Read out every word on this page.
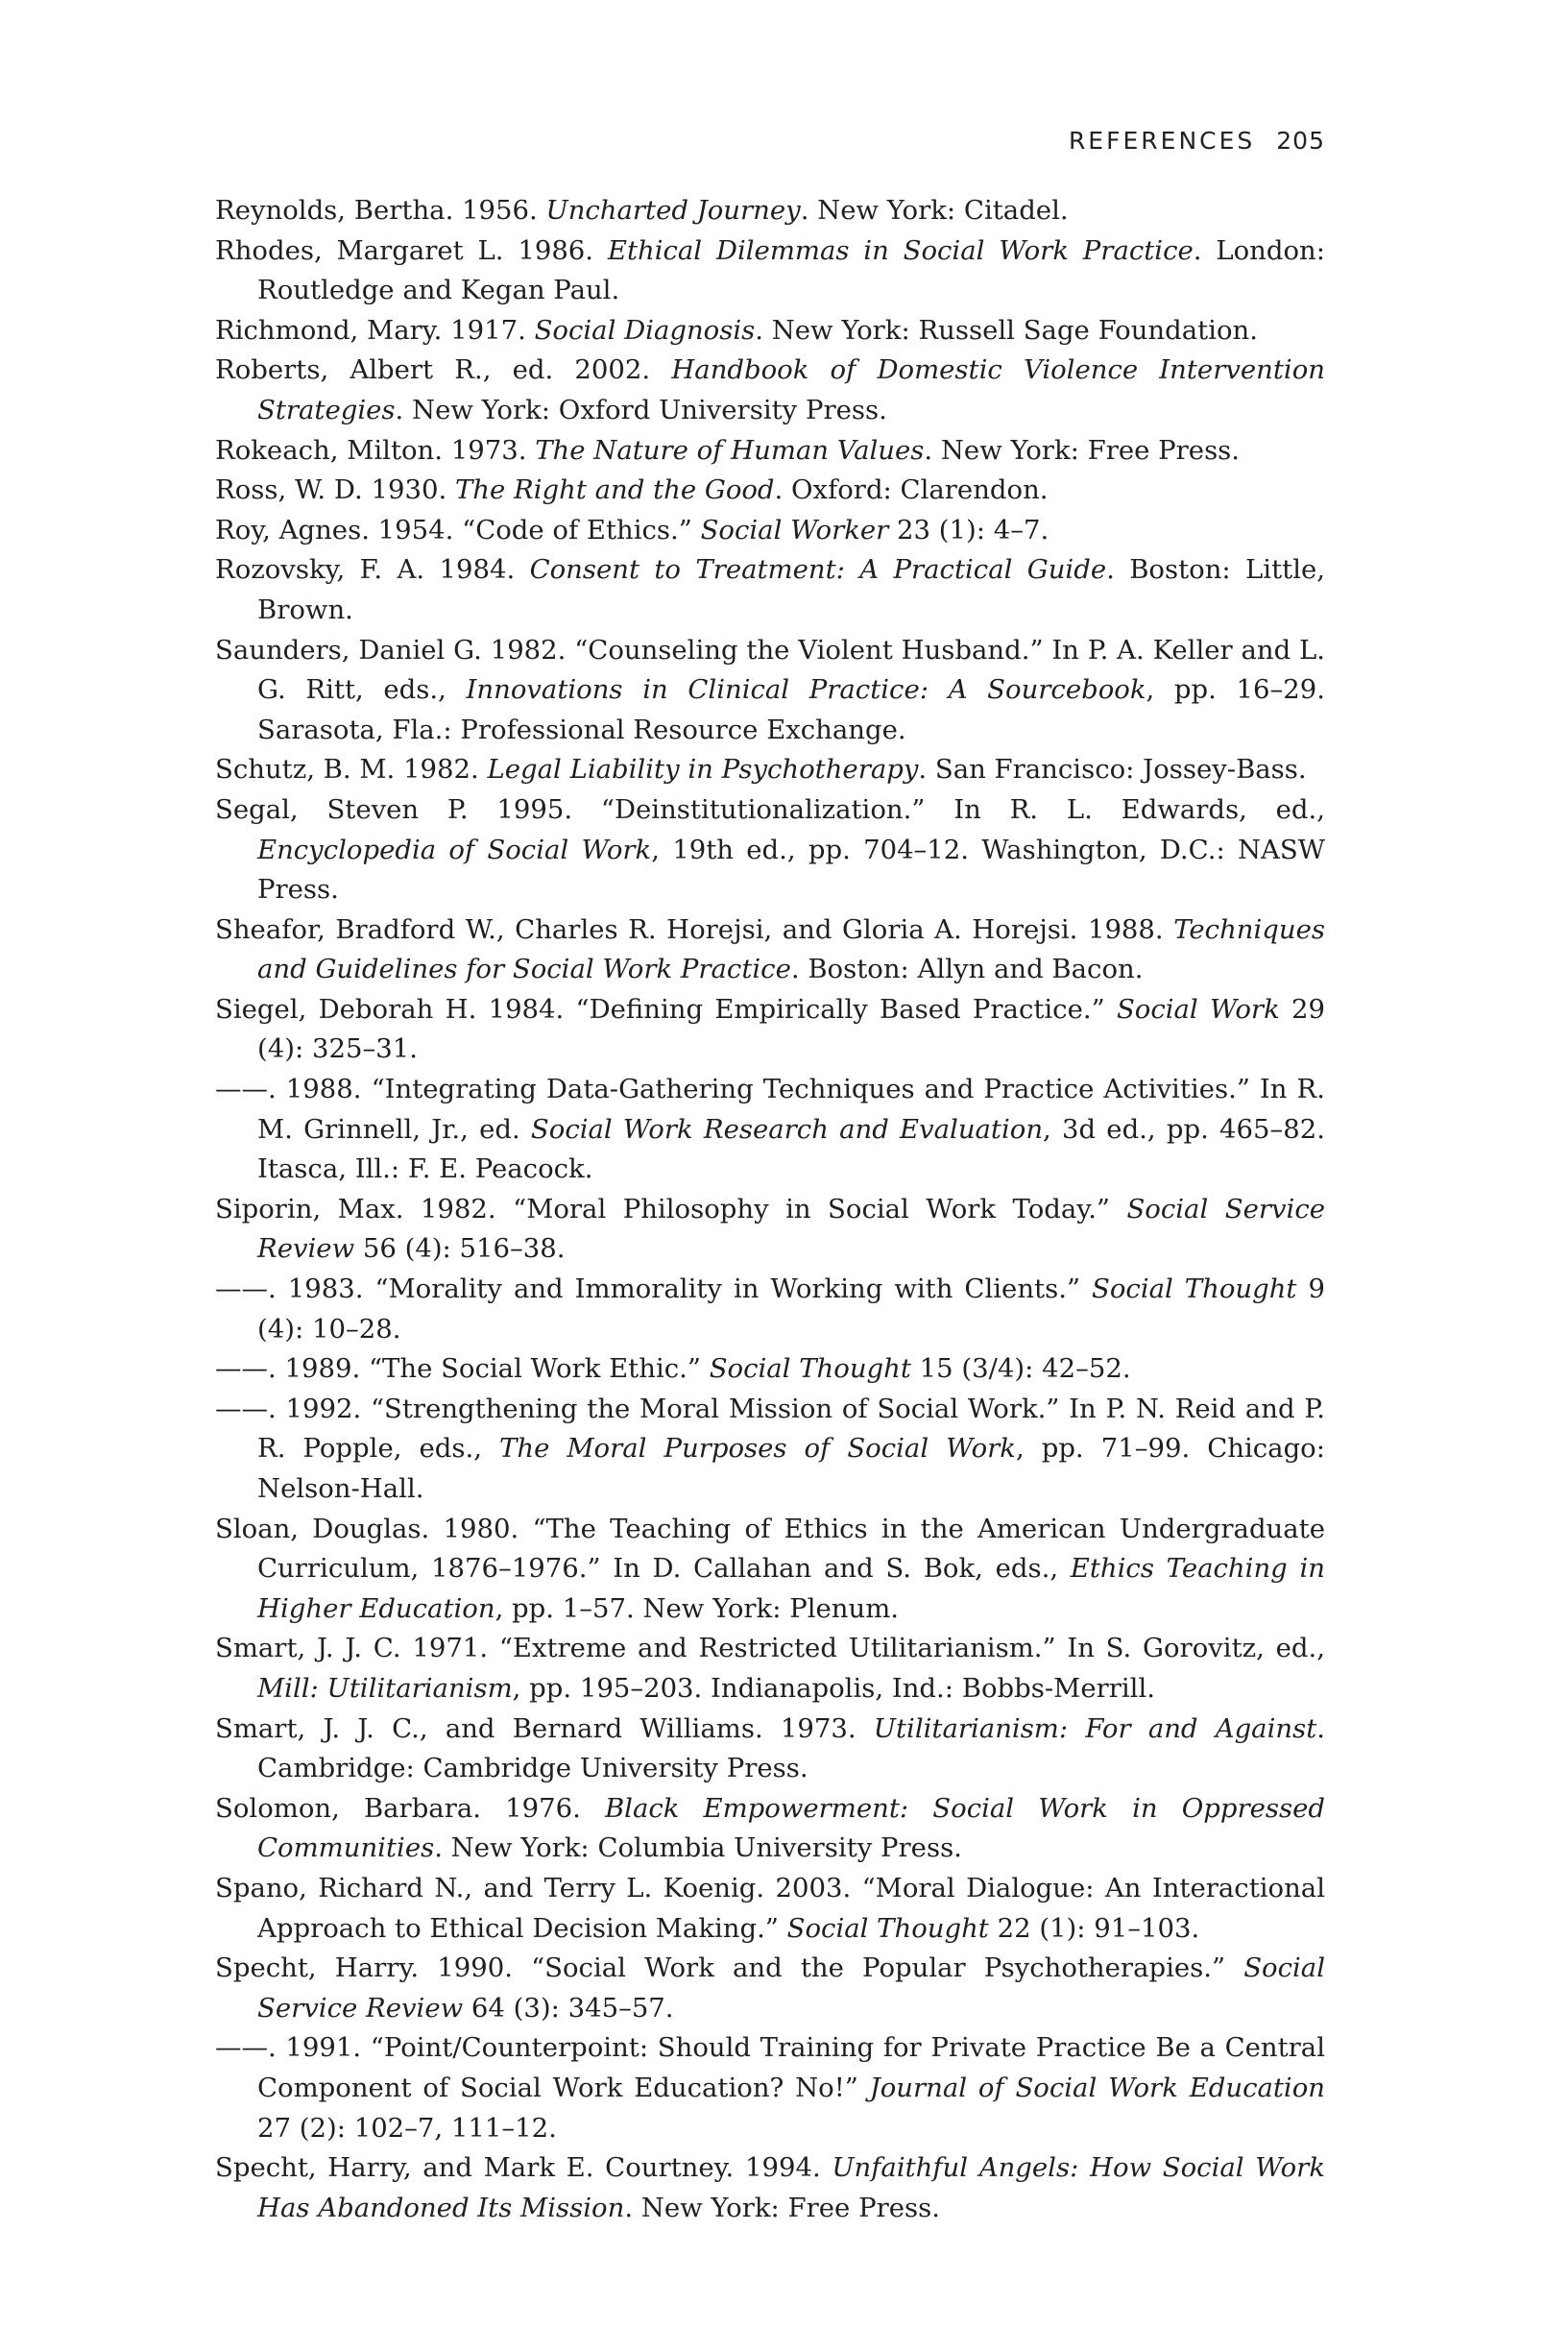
REFERENCES 205
Reynolds, Bertha. 1956. Uncharted Journey. New York: Citadel.
Rhodes, Margaret L. 1986. Ethical Dilemmas in Social Work Practice. London: Routledge and Kegan Paul.
Richmond, Mary. 1917. Social Diagnosis. New York: Russell Sage Foundation.
Roberts, Albert R., ed. 2002. Handbook of Domestic Violence Intervention Strategies. New York: Oxford University Press.
Rokeach, Milton. 1973. The Nature of Human Values. New York: Free Press.
Ross, W. D. 1930. The Right and the Good. Oxford: Clarendon.
Roy, Agnes. 1954. “Code of Ethics.” Social Worker 23 (1): 4–7.
Rozovsky, F. A. 1984. Consent to Treatment: A Practical Guide. Boston: Little, Brown.
Saunders, Daniel G. 1982. “Counseling the Violent Husband.” In P. A. Keller and L. G. Ritt, eds., Innovations in Clinical Practice: A Sourcebook, pp. 16–29. Sarasota, Fla.: Professional Resource Exchange.
Schutz, B. M. 1982. Legal Liability in Psychotherapy. San Francisco: Jossey-Bass.
Segal, Steven P. 1995. “Deinstitutionalization.” In R. L. Edwards, ed., Encyclopedia of Social Work, 19th ed., pp. 704–12. Washington, D.C.: NASW Press.
Sheafor, Bradford W., Charles R. Horejsi, and Gloria A. Horejsi. 1988. Techniques and Guidelines for Social Work Practice. Boston: Allyn and Bacon.
Siegel, Deborah H. 1984. “Defining Empirically Based Practice.” Social Work 29 (4): 325–31.
——. 1988. “Integrating Data-Gathering Techniques and Practice Activities.” In R. M. Grinnell, Jr., ed. Social Work Research and Evaluation, 3d ed., pp. 465–82. Itasca, Ill.: F. E. Peacock.
Siporin, Max. 1982. “Moral Philosophy in Social Work Today.” Social Service Review 56 (4): 516–38.
——. 1983. “Morality and Immorality in Working with Clients.” Social Thought 9 (4): 10–28.
——. 1989. “The Social Work Ethic.” Social Thought 15 (3/4): 42–52.
——. 1992. “Strengthening the Moral Mission of Social Work.” In P. N. Reid and P. R. Popple, eds., The Moral Purposes of Social Work, pp. 71–99. Chicago: Nelson-Hall.
Sloan, Douglas. 1980. “The Teaching of Ethics in the American Undergraduate Curriculum, 1876–1976.” In D. Callahan and S. Bok, eds., Ethics Teaching in Higher Education, pp. 1–57. New York: Plenum.
Smart, J. J. C. 1971. “Extreme and Restricted Utilitarianism.” In S. Gorovitz, ed., Mill: Utilitarianism, pp. 195–203. Indianapolis, Ind.: Bobbs-Merrill.
Smart, J. J. C., and Bernard Williams. 1973. Utilitarianism: For and Against. Cambridge: Cambridge University Press.
Solomon, Barbara. 1976. Black Empowerment: Social Work in Oppressed Communities. New York: Columbia University Press.
Spano, Richard N., and Terry L. Koenig. 2003. “Moral Dialogue: An Interactional Approach to Ethical Decision Making.” Social Thought 22 (1): 91–103.
Specht, Harry. 1990. “Social Work and the Popular Psychotherapies.” Social Service Review 64 (3): 345–57.
——. 1991. “Point/Counterpoint: Should Training for Private Practice Be a Central Component of Social Work Education? No!” Journal of Social Work Education 27 (2): 102–7, 111–12.
Specht, Harry, and Mark E. Courtney. 1994. Unfaithful Angels: How Social Work Has Abandoned Its Mission. New York: Free Press.
